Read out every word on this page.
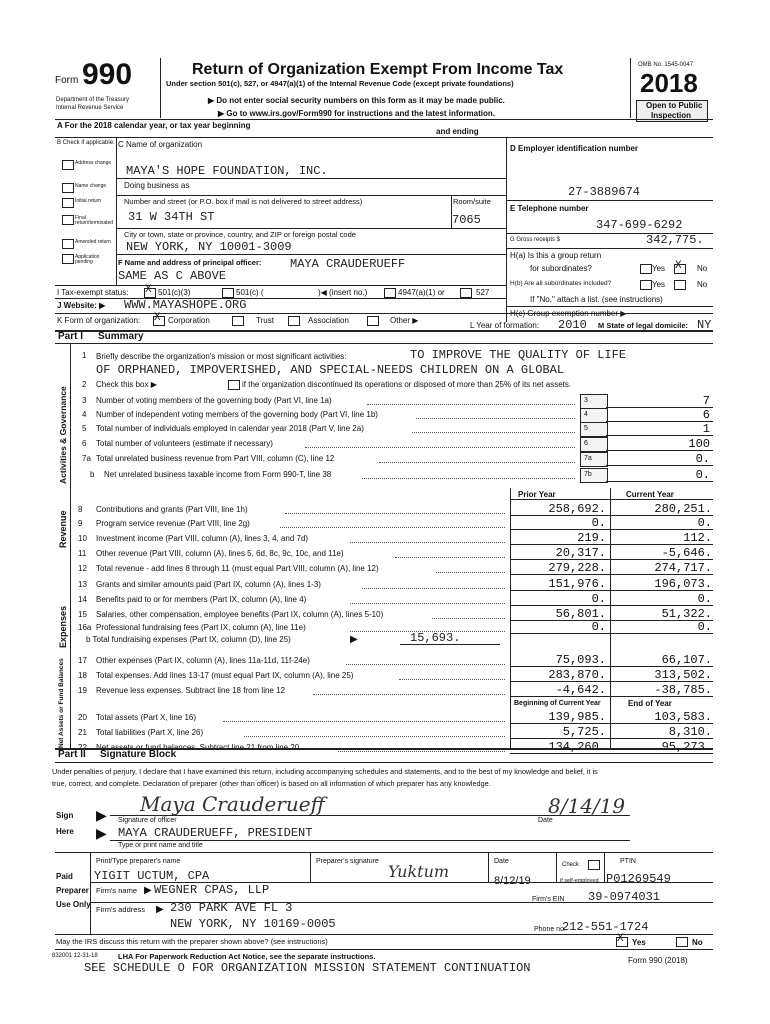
Form 990
Department of the Treasury
Internal Revenue Service
Return of Organization Exempt From Income Tax
Under section 501(c), 527, or 4947(a)(1) of the Internal Revenue Code (except private foundations)
▶ Do not enter social security numbers on this form as it may be made public.
▶ Go to www.irs.gov/Form990 for instructions and the latest information.
OMB No. 1545-0047
2018
Open to Public
Inspection
A For the 2018 calendar year, or tax year beginning
and ending
B Check if applicable:
Address change
Name change
Initial return
Final return/terminated
Amended return
Application pending
C Name of organization
MAYA'S HOPE FOUNDATION, INC.
Doing business as
Number and street (or P.O. box if mail is not delivered to street address)	Room/suite
31 W 34TH ST	7065
City or town, state or province, country, and ZIP or foreign postal code
NEW YORK, NY 10001-3009
F Name and address of principal officer: MAYA CRAUDERUEFF
SAME AS C ABOVE
D Employer identification number
27-3889674
E Telephone number
347-699-6292
G Gross receipts $	342,775.
H(a) Is this a group return
for subordinates?	Yes X No
H(b) Are all subordinates included?	Yes	No
If "No," attach a list. (see instructions)
H(c) Group exemption number ▶
I Tax-exempt status: X 501(c)(3)	501(c) (	)◀ (insert no.)	4947(a)(1) or	527
J Website: ▶ WWW.MAYASHOPE.ORG
K Form of organization: X Corporation	Trust	Association	Other ▶
L Year of formation: 2010 M State of legal domicile: NY
Part I Summary
Activities & Governance
Revenue
Expenses
Net Assets or Fund Balances
1 Briefly describe the organization's mission or most significant activities:	TO IMPROVE THE QUALITY OF LIFE
OF ORPHANED, IMPOVERISHED, AND SPECIAL-NEEDS CHILDREN ON A GLOBAL
2 Check this box ▶	if the organization discontinued its operations or disposed of more than 25% of its net assets.
3 Number of voting members of the governing body (Part VI, line 1a)	3	7
4 Number of independent voting members of the governing body (Part VI, line 1b)	4	6
5 Total number of individuals employed in calendar year 2018 (Part V, line 2a)	5	1
6 Total number of volunteers (estimate if necessary)	6	100
7a Total unrelated business revenue from Part VIII, column (C), line 12	7a	0.
b Net unrelated business taxable income from Form 990-T, line 38	7b	0.
Prior Year	Current Year
8 Contributions and grants (Part VIII, line 1h)	258,692.	280,251.
9 Program service revenue (Part VIII, line 2g)	0.	0.
10 Investment income (Part VIII, column (A), lines 3, 4, and 7d)	219.	112.
11 Other revenue (Part VIII, column (A), lines 5, 6d, 8c, 9c, 10c, and 11e)	20,317.	-5,646.
12 Total revenue - add lines 8 through 11 (must equal Part VIII, column (A), line 12)	279,228.	274,717.
13 Grants and similar amounts paid (Part IX, column (A), lines 1-3)	151,976.	196,073.
14 Benefits paid to or for members (Part IX, column (A), line 4)	0.	0.
15 Salaries, other compensation, employee benefits (Part IX, column (A), lines 5-10)	56,801.	51,322.
16a Professional fundraising fees (Part IX, column (A), line 11e)	0.	0.
b Total fundraising expenses (Part IX, column (D), line 25)	▶	15,693.
17 Other expenses (Part IX, column (A), lines 11a-11d, 11f-24e)	75,093.	66,107.
18 Total expenses. Add lines 13-17 (must equal Part IX, column (A), line 25)	283,870.	313,502.
19 Revenue less expenses. Subtract line 18 from line 12	-4,642.	-38,785.
Beginning of Current Year	End of Year
20 Total assets (Part X, line 16)	139,985.	103,583.
21 Total liabilities (Part X, line 26)	5,725.	8,310.
22 Net assets or fund balances. Subtract line 21 from line 20	134,260.	95,273.
Part II Signature Block
Under penalties of perjury, I declare that I have examined this return, including accompanying schedules and statements, and to the best of my knowledge and belief, it is
true, correct, and complete. Declaration of preparer (other than officer) is based on all information of which preparer has any knowledge.
Sign
Here
▶ Maya Crauderueff	8/14/19
Signature of officer	Date
▶ MAYA CRAUDERUEFF, PRESIDENT
Type or print name and title
Paid
Preparer
Use Only
Print/Type preparer's name
YIGIT UCTUM, CPA
Preparer's signature
Yuktum
Date
8/12/19
Check
if self-employed
PTIN
P01269549
Firm's name ▶ WEGNER CPAS, LLP
Firm's EIN 39-0974031
Firm's address ▶ 230 PARK AVE FL 3
NEW YORK, NY 10169-0005	Phone no.
212-551-1724
May the IRS discuss this return with the preparer shown above? (see instructions)	X Yes	No
832001 12-31-18	LHA For Paperwork Reduction Act Notice, see the separate instructions.	Form 990 (2018)
SEE SCHEDULE O FOR ORGANIZATION MISSION STATEMENT CONTINUATION
